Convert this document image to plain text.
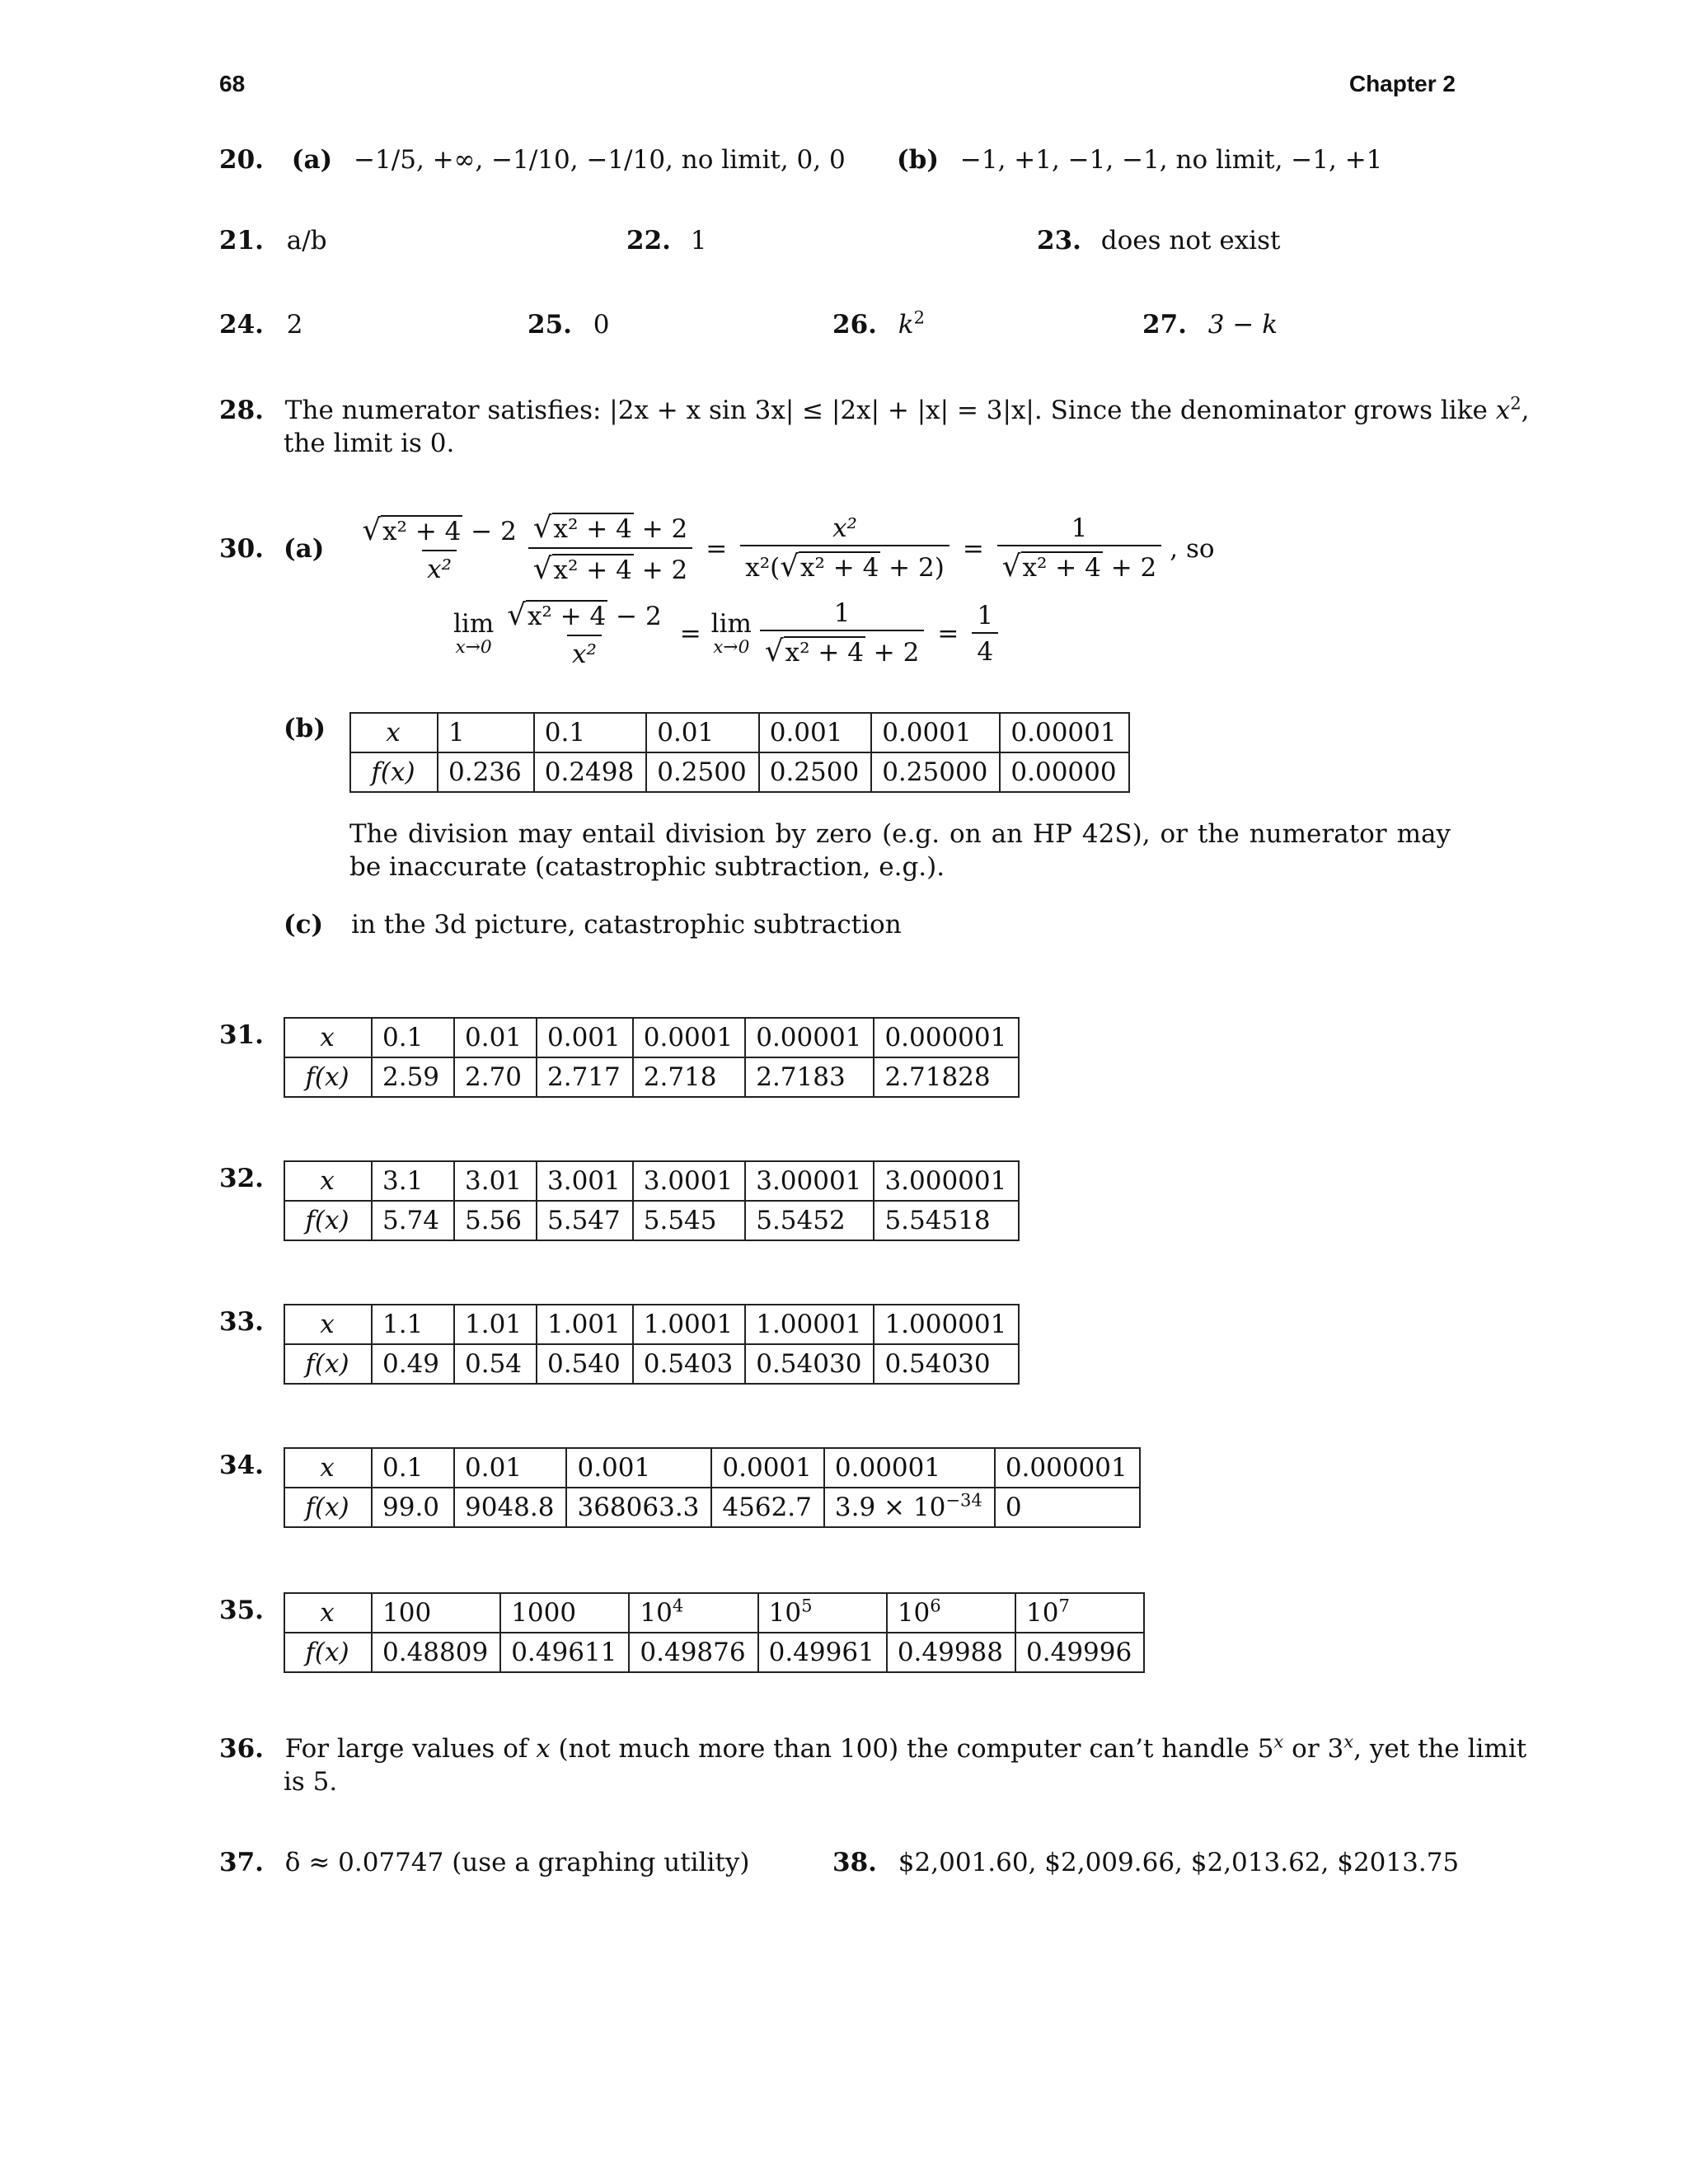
68	Chapter 2
20. (a) −1/5, +∞, −1/10, −1/10, no limit, 0, 0 (b) −1, +1, −1, −1, no limit, −1, +1
21. a/b	22. 1	23. does not exist
24. 2	25. 0	26. $k^2$	27. 3 − k
28. The numerator satisfies: |2x + x sin 3x| ≤ |2x| + |x| = 3|x|. Since the denominator grows like $x^2$,
the limit is 0.
30. $(a) \frac{\text{√x² + 4 − 2}}{\text{x²}} \frac{\text{√x² + 4 + 2}}{\text{√x² + 4 + 2}} = \frac{\text{x²}}{\text{x²(√x² + 4 + 2)}} = \frac{1}{\text{√x² + 4 + 2}}$ , so
lim
$x\to 0 \frac{\text{√x² + 4 − 2}}{\text{x²}} = \lim$
$x\to 0 \frac{1}{\text{√x² + 4 + 2}} = \frac{1}{4}$
(b) x	1	0.1	0.01	0.001	0.0001	0.00001
f(x)	0.236	0.2498	0.2500	0.2500	0.25000	0.00000
The division may entail division by zero (e.g. on an HP 42S), or the numerator may be inaccurate (catastrophic subtraction, e.g.).
(c) in the 3d picture, catastrophic subtraction
31. x	0.1	0.01	0.001	0.0001	0.00001	0.000001
f(x)	2.59	2.70	2.717	2.718	2.7183	2.71828
32. x	3.1	3.01	3.001	3.0001	3.00001	3.000001
f(x)	5.74	5.56	5.547	5.545	5.5452	5.54518
33. x	1.1	1.01	1.001	1.0001	1.00001	1.000001
f(x)	0.49	0.54	0.540	0.5403	0.54030	0.54030
34. x	0.1	0.01	0.001	0.0001	0.00001	0.000001
f(x)	99.0	9048.8	368063.3	4562.7	$3.9 \times 10^{-34}$	0
35. x	100	1000	$10^4$	$10^5$	$10^6$	$10^7$
f(x)	0.48809	0.49611	0.49876	0.49961	0.49988	0.49996
36. For large values of x (not much more than 100) the computer can’t handle 5$^x$ or 3$^x$, yet the limit
is 5.
37. δ ≈ 0.07747 (use a graphing utility)	38. $2,001.60, $2,009.66, $2,013.62, $2013.75
